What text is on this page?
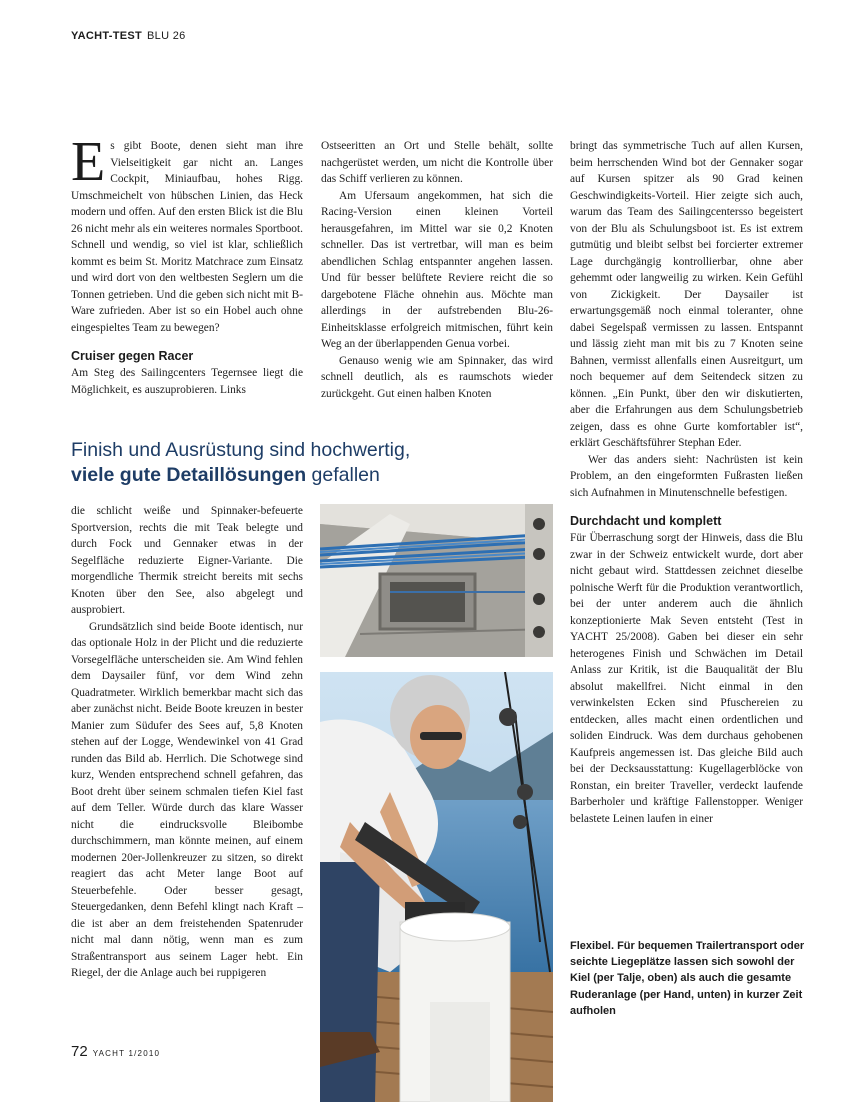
YACHT-TEST BLU 26

Es gibt Boote, denen sieht man ihre Vielseitigkeit gar nicht an. Langes Cockpit, Miniaufbau, hohes Rigg. Umschmeichelt von hübschen Linien, das Heck modern und offen. Auf den ersten Blick ist die Blu 26 nicht mehr als ein weiteres normales Sportboot. Schnell und wendig, so viel ist klar, schließlich kommt es beim St. Moritz Matchrace zum Einsatz und wird dort von den weltbesten Seglern um die Tonnen getrieben. Und die geben sich nicht mit B-Ware zufrieden. Aber ist so ein Hobel auch ohne eingespieltes Team zu bewegen?

Cruiser gegen Racer

Am Steg des Sailingcenters Tegernsee liegt die Möglichkeit, es auszuprobieren. Links

Ostseeritten an Ort und Stelle behält, sollte nachgerüstet werden, um nicht die Kontrolle über das Schiff verlieren zu können.

Am Ufersaum angekommen, hat sich die Racing-Version einen kleinen Vorteil herausgefahren, im Mittel war sie 0,2 Knoten schneller. Das ist vertretbar, will man es beim abendlichen Schlag entspannter angehen lassen. Und für besser belüftete Reviere reicht die so dargebotene Fläche ohnehin aus. Möchte man allerdings in der aufstrebenden Blu-26-Einheitsklasse erfolgreich mitmischen, führt kein Weg an der überlappenden Genua vorbei.

Genauso wenig wie am Spinnaker, das wird schnell deutlich, als es raumschots wieder zurückgeht. Gut einen halben Knoten

bringt das symmetrische Tuch auf allen Kursen, beim herrschenden Wind bot der Gennaker sogar auf Kursen spitzer als 90 Grad keinen Geschwindigkeits-Vorteil. Hier zeigte sich auch, warum das Team des Sailingcentersso begeistert von der Blu als Schulungsboot ist. Es ist extrem gutmütig und bleibt selbst bei forcierter extremer Lage durchgängig kontrollierbar, ohne aber gehemmt oder langweilig zu wirken. Kein Gefühl von Zickigkeit. Der Daysailer ist erwartungsgemäß noch einmal toleranter, ohne dabei Segelspaß vermissen zu lassen. Entspannt und lässig zieht man mit bis zu 7 Knoten seine Bahnen, vermisst allenfalls einen Ausreitgurt, um noch bequemer auf dem Seitendeck sitzen zu können. „Ein Punkt, über den wir diskutierten, aber die Erfahrungen aus dem Schulungsbetrieb zeigen, dass es ohne Gurte komfortabler ist“, erklärt Geschäftsführer Stephan Eder.

Wer das anders sieht: Nachrüsten ist kein Problem, an den eingeformten Fußrasten ließen sich Aufnahmen in Minutenschnelle befestigen.

Durchdacht und komplett

Für Überraschung sorgt der Hinweis, dass die Blu zwar in der Schweiz entwickelt wurde, dort aber nicht gebaut wird. Stattdessen zeichnet dieselbe polnische Werft für die Produktion verantwortlich, bei der unter anderem auch die ähnlich konzeptionierte Mak Seven entsteht (Test in YACHT 25/2008). Gaben bei dieser ein sehr heterogenes Finish und Schwächen im Detail Anlass zur Kritik, ist die Bauqualität der Blu absolut makellfrei. Nicht einmal in den verwinkelsten Ecken sind Pfuschereien zu entdecken, alles macht einen ordentlichen und soliden Eindruck. Was dem durchaus gehobenen Kaufpreis angemessen ist. Das gleiche Bild auch bei der Decksausstattung: Kugellagerblöcke von Ronstan, ein breiter Traveller, verdeckt laufende Barberholer und kräftige Fallenstopper. Weniger belastete Leinen laufen in einer

Finish und Ausrüstung sind hochwertig,
viele gute Detaillösungen gefallen

die schlicht weiße und Spinnaker-befeuerte Sportversion, rechts die mit Teak belegte und durch Fock und Gennaker etwas in der Segelfläche reduzierte Eigner-Variante. Die morgendliche Thermik streicht bereits mit sechs Knoten über den See, also abgelegt und ausprobiert.

Grundsätzlich sind beide Boote identisch, nur das optionale Holz in der Plicht und die reduzierte Vorsegelfläche unterscheiden sie. Am Wind fehlen dem Daysailer fünf, vor dem Wind zehn Quadratmeter. Wirklich bemerkbar macht sich das aber zunächst nicht. Beide Boote kreuzen in bester Manier zum Südufer des Sees auf, 5,8 Knoten stehen auf der Logge, Wendewinkel von 41 Grad runden das Bild ab. Herrlich. Die Schotwege sind kurz, Wenden entsprechend schnell gefahren, das Boot dreht über seinem schmalen tiefen Kiel fast auf dem Teller. Würde durch das klare Wasser nicht die eindrucksvolle Bleibombe durchschimmern, man könnte meinen, auf einem modernen 20er-Jollenkreuzer zu sitzen, so direkt reagiert das acht Meter lange Boot auf Steuerbefehle. Oder besser gesagt, Steuergedanken, denn Befehl klingt nach Kraft – die ist aber an dem freistehenden Spatenruder nicht mal dann nötig, wenn man es zum Straßentransport aus seinem Lager hebt. Ein Riegel, der die Anlage auch bei ruppigeren

Flexibel. Für bequemen Trailertransport oder seichte Liegeplätze lassen sich sowohl der Kiel (per Talje, oben) als auch die gesamte Ruderanlage (per Hand, unten) in kurzer Zeit aufholen
72 YACHT 1/2010
